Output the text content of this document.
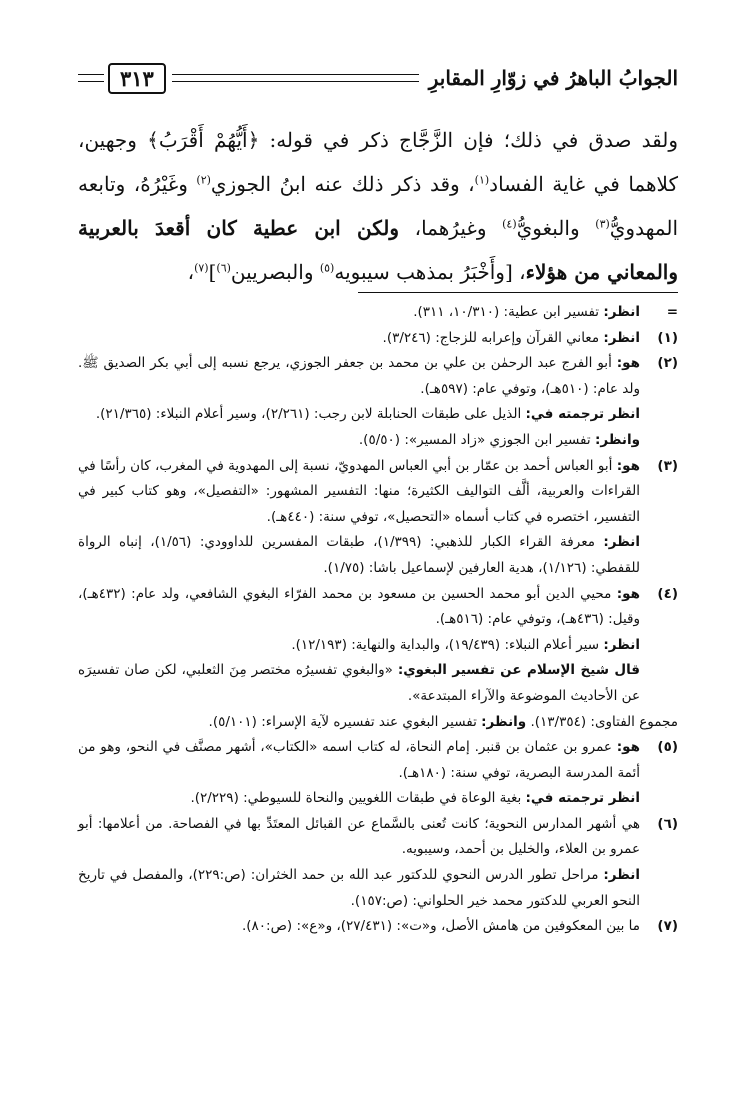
الجوابُ الباهرُ في زوّارِ المقابرِ
٣١٣
ولقد صدق في ذلك؛ فإن الزَّجَّاج ذكر في قوله: ﴿أَيُّهُمْ أَقْرَبُ﴾ وجهين، كلاهما في غاية الفساد$^{(١)}$، وقد ذكر ذلك عنه ابنُ الجوزي$^{(٢)}$ وغَيْرُهُ، وتابعه المهدويُّ$^{(٣)}$ والبغويُّ$^{(٤)}$ وغيرُهما، ولكن ابن عطية كان أقعدَ بالعربية والمعاني من هؤلاء، [وأَخْبَرُ بمذهب سيبويه$^{(٥)}$ والبصريين$^{(٦)}$]$^{(٧)}$،
=

انظر: تفسير ابن عطية: (١٠/٣١٠، ٣١١).

(١)

انظر: معاني القرآن وإعرابه للزجاج: (٣/٢٤٦).

(٢)

هو: أبو الفرج عبد الرحمٰن بن علي بن محمد بن جعفر الجوزي، يرجع نسبه إلى أبي بكر الصديق ﷺ. ولد عام: (٥١٠هـ)، وتوفي عام: (٥٩٧هـ).

انظر ترجمته في: الذيل على طبقات الحنابلة لابن رجب: (٢/٢٦١)، وسير أعلام النبلاء: (٢١/٣٦٥).

وانظر: تفسير ابن الجوزي «زاد المسير»: (٥/٥٠).

(٣)

هو: أبو العباس أحمد بن عمّار بن أبي العباس المهدويّ، نسبة إلى المهدوية في المغرب، كان رأسًا في القراءات والعربية، ألَّف التواليف الكثيرة؛ منها: التفسير المشهور: «التفصيل»، وهو كتاب كبير في التفسير، اختصره في كتاب أسماه «التحصيل»، توفي سنة: (٤٤٠هـ).

انظر: معرفة القراء الكبار للذهبي: (١/٣٩٩)، طبقات المفسرين للداوودي: (١/٥٦)، إنباه الرواة للقفطي: (١/١٢٦)، هدية العارفين لإسماعيل باشا: (١/٧٥).

(٤)

هو: محيي الدين أبو محمد الحسين بن مسعود بن محمد الفرّاء البغوي الشافعي، ولد عام: (٤٣٢هـ)، وقيل: (٤٣٦هـ)، وتوفي عام: (٥١٦هـ).

انظر: سير أعلام النبلاء: (١٩/٤٣٩)، والبداية والنهاية: (١٢/١٩٣).

قال شيخ الإسلام عن تفسير البغوي: «والبغوي تفسيرُه مختصر مِنَ الثعلبي، لكن صان تفسيرَه عن الأحاديث الموضوعة والآراء المبتدعة».

مجموع الفتاوى: (١٣/٣٥٤). وانظر: تفسير البغوي عند تفسيره لآية الإسراء: (٥/١٠١).

(٥)

هو: عمرو بن عثمان بن قنبر. إمام النحاة، له كتاب اسمه «الكتاب»، أشهر مصنَّف في النحو، وهو من أئمة المدرسة البصرية، توفي سنة: (١٨٠هـ).

انظر ترجمته في: بغية الوعاة في طبقات اللغويين والنحاة للسيوطي: (٢/٢٢٩).

(٦)

هي أشهر المدارس النحوية؛ كانت تُعنى بالسَّماع عن القبائل المعتَدِّ بها في الفصاحة. من أعلامها: أبو عمرو بن العلاء، والخليل بن أحمد، وسيبويه.

انظر: مراحل تطور الدرس النحوي للدكتور عبد الله بن حمد الخثران: (ص:٢٢٩)، والمفصل في تاريخ النحو العربي للدكتور محمد خير الحلواني: (ص:١٥٧).

(٧)

ما بين المعكوفين من هامش الأصل، و«ت»: (٢٧/٤٣١)، و«ع»: (ص:٨٠).
